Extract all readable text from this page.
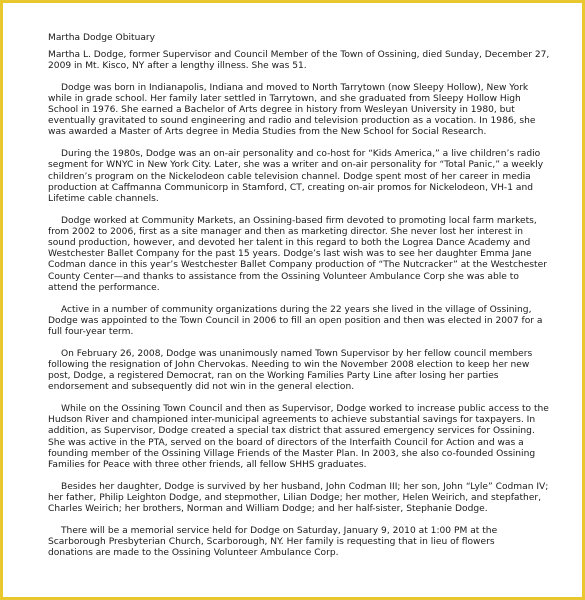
Martha Dodge Obituary

Martha L. Dodge, former Supervisor and Council Member of the Town of Ossining, died Sunday, December 27, 2009 in Mt. Kisco, NY after a lengthy illness. She was 51.

Dodge was born in Indianapolis, Indiana and moved to North Tarrytown (now Sleepy Hollow), New York while in grade school. Her family later settled in Tarrytown, and she graduated from Sleepy Hollow High School in 1976. She earned a Bachelor of Arts degree in history from Wesleyan University in 1980, but eventually gravitated to sound engineering and radio and television production as a vocation. In 1986, she was awarded a Master of Arts degree in Media Studies from the New School for Social Research.

During the 1980s, Dodge was an on-air personality and co-host for “Kids America,” a live children’s radio segment for WNYC in New York City. Later, she was a writer and on-air personality for “Total Panic,” a weekly children’s program on the Nickelodeon cable television channel. Dodge spent most of her career in media production at Caffmanna Communicorp in Stamford, CT, creating on-air promos for Nickelodeon, VH-1 and Lifetime cable channels.

Dodge worked at Community Markets, an Ossining-based firm devoted to promoting local farm markets, from 2002 to 2006, first as a site manager and then as marketing director. She never lost her interest in sound production, however, and devoted her talent in this regard to both the Logrea Dance Academy and Westchester Ballet Company for the past 15 years. Dodge’s last wish was to see her daughter Emma Jane Codman dance in this year’s Westchester Ballet Company production of “The Nutcracker” at the Westchester County Center—and thanks to assistance from the Ossining Volunteer Ambulance Corp she was able to attend the performance.

Active in a number of community organizations during the 22 years she lived in the village of Ossining, Dodge was appointed to the Town Council in 2006 to fill an open position and then was elected in 2007 for a full four-year term.

On February 26, 2008, Dodge was unanimously named Town Supervisor by her fellow council members following the resignation of John Chervokas. Needing to win the November 2008 election to keep her new post, Dodge, a registered Democrat, ran on the Working Families Party Line after losing her parties endorsement and subsequently did not win in the general election.

While on the Ossining Town Council and then as Supervisor, Dodge worked to increase public access to the Hudson River and championed inter-municipal agreements to achieve substantial savings for taxpayers. In addition, as Supervisor, Dodge created a special tax district that assured emergency services for Ossining. She was active in the PTA, served on the board of directors of the Interfaith Council for Action and was a founding member of the Ossining Village Friends of the Master Plan. In 2003, she also co-founded Ossining Families for Peace with three other friends, all fellow SHHS graduates.

Besides her daughter, Dodge is survived by her husband, John Codman III; her son, John “Lyle” Codman IV; her father, Philip Leighton Dodge, and stepmother, Lilian Dodge; her mother, Helen Weirich, and stepfather, Charles Weirich; her brothers, Norman and William Dodge; and her half-sister, Stephanie Dodge.

There will be a memorial service held for Dodge on Saturday, January 9, 2010 at 1:00 PM at the Scarborough Presbyterian Church, Scarborough, NY. Her family is requesting that in lieu of flowers

donations are made to the Ossining Volunteer Ambulance Corp.
